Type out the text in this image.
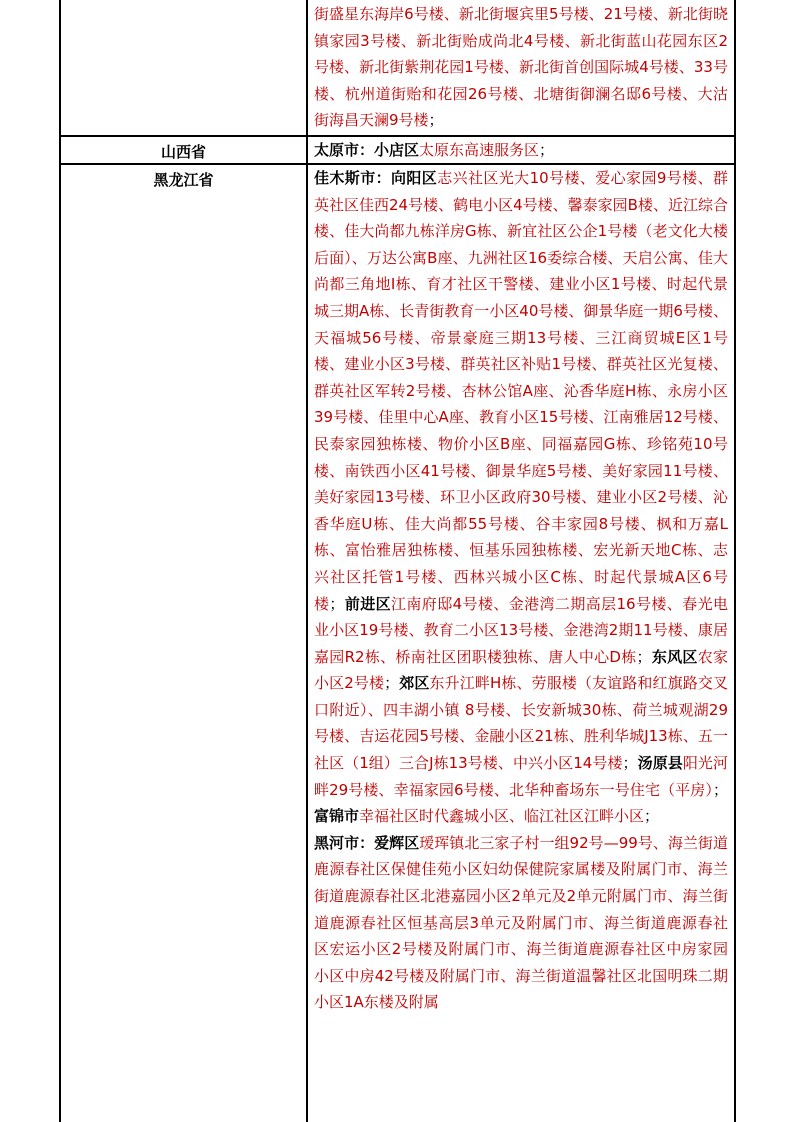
街盛星东海岸6号楼、新北街堰宾里5号楼、21号楼、新北街晓镇家园3号楼、新北街贻成尚北4号楼、新北街蓝山花园东区2号楼、新北街紫荆花园1号楼、新北街首创国际城4号楼、33号楼、杭州道街贻和花园26号楼、北塘街御澜名邸6号楼、大沽街海昌天澜9号楼；
山西省	太原市：小店区太原东高速服务区；
黑龙江省	佳木斯市：向阳区志兴社区光大10号楼、爱心家园9号楼、群英社区佳西24号楼、鹤电小区4号楼、馨泰家园B楼、近江综合楼、佳大尚都九栋洋房G栋、新宜社区公企1号楼（老文化大楼后面）、万达公寓B座、九洲社区16委综合楼、天启公寓、佳大尚都三角地I栋、育才社区干警楼、建业小区1号楼、时起代景城三期A栋、长青街教育一小区40号楼、御景华庭一期6号楼、天福城56号楼、帝景豪庭三期13号楼、三江商贸城E区1号楼、建业小区3号楼、群英社区补贴1号楼、群英社区光复楼、群英社区军转2号楼、杏林公馆A座、沁香华庭H栋、永房小区39号楼、佳里中心A座、教育小区15号楼、江南雅居12号楼、民泰家园独栋楼、物价小区B座、同福嘉园G栋、珍铭苑10号楼、南铁西小区41号楼、御景华庭5号楼、美好家园11号楼、美好家园13号楼、环卫小区政府30号楼、建业小区2号楼、沁香华庭U栋、佳大尚都55号楼、谷丰家园8号楼、枫和万嘉L栋、富怡雅居独栋楼、恒基乐园独栋楼、宏光新天地C栋、志兴社区托管1号楼、西林兴城小区C栋、时起代景城A区6号楼；前进区江南府邸4号楼、金港湾二期高层16号楼、春光电业小区19号楼、教育二小区13号楼、金港湾2期11号楼、康居嘉园R2栋、桥南社区团职楼独栋、唐人中心D栋；东风区农家小区2号楼；郊区东升江畔H栋、劳服楼（友谊路和红旗路交叉口附近）、四丰湖小镇 8号楼、长安新城30栋、荷兰城观湖29号楼、吉运花园5号楼、金融小区21栋、胜利华城J13栋、五一社区（1组）三合J栋13号楼、中兴小区14号楼；汤原县阳光河畔29号楼、幸福家园6号楼、北华种畜场东一号住宅（平房）；富锦市幸福社区时代鑫城小区、临江社区江畔小区；
黑河市：爱辉区瑷珲镇北三家子村一组92号—99号、海兰街道鹿源春社区保健佳苑小区妇幼保健院家属楼及附属门市、海兰街道鹿源春社区北港嘉园小区2单元及2单元附属门市、海兰街道鹿源春社区恒基高层3单元及附属门市、海兰街道鹿源春社区宏运小区2号楼及附属门市、海兰街道鹿源春社区中房家园小区中房42号楼及附属门市、海兰街道温馨社区北国明珠二期小区1A东楼及附属
